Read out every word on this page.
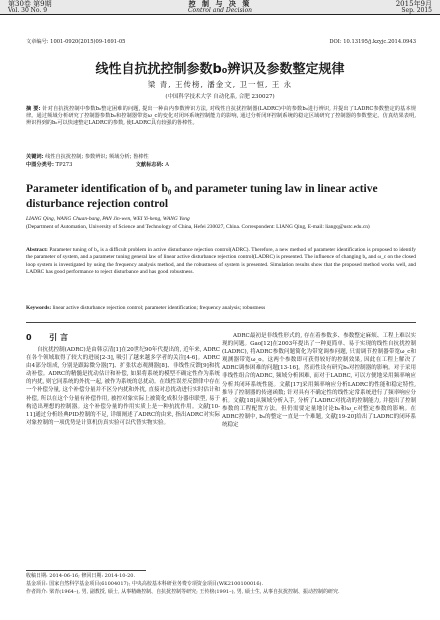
第30卷 第9期
Vol. 30 No. 9
控 制 与 决 策
Control and Decision
2015年9月
Sep. 2015
文章编号: 1001-0920(2015)09-1691-05	DOI: 10.13195/j.kzyjc.2014.0943
线性自抗扰控制参数b₀辨识及参数整定规律
梁 青, 王传榜, 潘金文, 卫一恒, 王 永
(中国科学技术大学 自动化系, 合肥 230027)
摘 要: 针对自抗扰控制中参数b₀整定困难的问题, 提出一种由内参数辨识方法, 对线性自抗扰控制器(LADRC)中的参数b₀进行辨识, 并提出了LADRC参数整定的基本规律。通过频域分析研究了控制器参数b₀和控制器带宽ω_c的变化对闭环系统控制能力的影响, 通过分析闭环控制系统的稳定区域研究了控制器的参数整定。仿真结果表明, 辨识得到的b₀可以快速整定LADRC的参数, 使LADRC具有较强的鲁棒性。
关键词: 线性自抗扰控制; 参数辨识; 频域分析; 鲁棒性
中图分类号: TP273	文献标志码: A
Parameter identification of b₀ and parameter tuning law in linear active disturbance rejection control
LIANG Qing, WANG Chuan-bang, PAN Jin-wen, WEI Yi-heng, WANG Yong
(Department of Automation, University of Science and Technology of China, Hefei 230027, China. Correspondent: LIANG Qing, E-mail: liangq@ustc.edu.cn)
Abstract: Parameter tuning of b₀ is a difficult problem in active disturbance rejection control(ADRC). Therefore, a new method of parameter identification is proposed to identify the parameter of system, and a parameter tuning general law of linear active disturbance rejection control(LADRC) is presented. The influence of changing b₀ and ω_c on the closed loop system is investigated by using the frequency analysis method, and the robustness of system is presented. Simulation results show that the proposed method works well, and LADRC has good performance to reject disturbance and has good robustness.
Keywords: linear active disturbance rejection control; parameter identification; frequency analysis; robustness
0 引 言
自抗扰控制(ADRC)是由韩京清[1]在20世纪90年代提出的, 近年来, ADRC在各个领域取得了较大的进展[2-3], 吸引了越来越多学者的关注[4-6]。ADRC由4部分组成, 分别是跟踪微分器[7]、扩张状态观测器[8]、非线性反馈[9]和扰动补偿。ADRC的精髓是扰动估计和补偿, 如果将系统的模型不确定性作为系统的内扰, 则它同系统的外扰一起, 被作为系统的总扰动。在线性误差反馈律中存在一个补偿分量, 这个补偿分量并不区分内扰和外扰, 直接对总扰动进行实时估计和补偿, 所以在这个分量有补偿作用, 被控对象实际上被简化成积分器串联型, 易于构造出理想的控制器。这个补偿分量的作用实质上是一种抗扰作用。文献[10-11]通过分析经典PID控制的不足, 详细阐述了ADRC的由来, 指出ADRC对实际对象控制的一项优势是计算机仿真实验可以代替实物实验。
ADRC最初是非线性形式的, 存在着参数多、参数整定麻烦、工程上难以实现的问题。Gao[12]在2003年提出了一种更简单、易于实现的线性自抗扰控制(LADRC), 将ADRC参数问题简化为带宽调参问题, 只需调节控制器带宽ω_c和观测器带宽ω_o。这两个参数即可获得较好的控制效果, 因此在工程上解决了ADRC调参困难的问题[13-16]。然而性设有研究b₀对控制器的影响。对于采用非线性组合的ADRC, 频域分析困难, 而对于LADRC, 可以方便地采用频率响应分析其闭环系统性能。文献[17]采用频率响应分析LADRC的性能和稳定特性, 推导了控制器的传递函数; 针对具有不确定性的线性定常系统进行了频率响应分析。文献[18]从频域分析入手, 分析了LADRC对扰动的控制能力, 并提出了控制参数的工程配置方法。但仍需要定量地讨论b₀和ω_c对整定参数的影响。在ADRC控制中, b₀的整定一直是一个难题, 文献[19-20]给出了LADRC的闭环系统稳定
收稿日期: 2014-06-16; 修回日期: 2014-10-20.
基金项目: 国家自然科学基金项目(61004017); 中央高校基本科研业务费专项资金项目(WK2100100016).
作者简介: 梁青(1964–), 男, 副教授, 硕士, 从事精确控制、自抗扰控制等研究; 王传榜(1991–), 男, 硕士生, 从事自抗扰控制、振动控制的研究.
